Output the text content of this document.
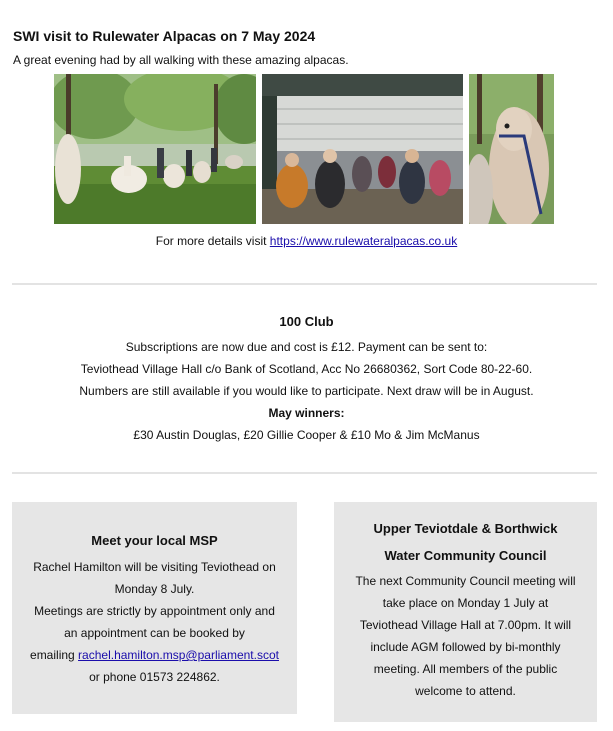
SWI visit to Rulewater Alpacas on 7 May 2024
A great evening had by all walking with these amazing alpacas.
For more details visit https://www.rulewateralpacas.co.uk
100 Club

Subscriptions are now due and cost is £12. Payment can be sent to:

Teviothead Village Hall c/o Bank of Scotland, Acc No 26680362, Sort Code 80-22-60.

Numbers are still available if you would like to participate. Next draw will be in August.

May winners:

£30 Austin Douglas, £20 Gillie Cooper & £10 Mo & Jim McManus

Meet your local MSP
Rachel Hamilton will be visiting Teviothead on
Monday 8 July.
Meetings are strictly by appointment only and
an appointment can be booked by
emailing rachel.hamilton.msp@parliament.scot
or phone 01573 224862.
Upper Teviotdale & Borthwick
Water Community Council
The next Community Council meeting will
take place on Monday 1 July at
Teviothead Village Hall at 7.00pm. It will
include AGM followed by bi-monthly
meeting. All members of the public
welcome to attend.
